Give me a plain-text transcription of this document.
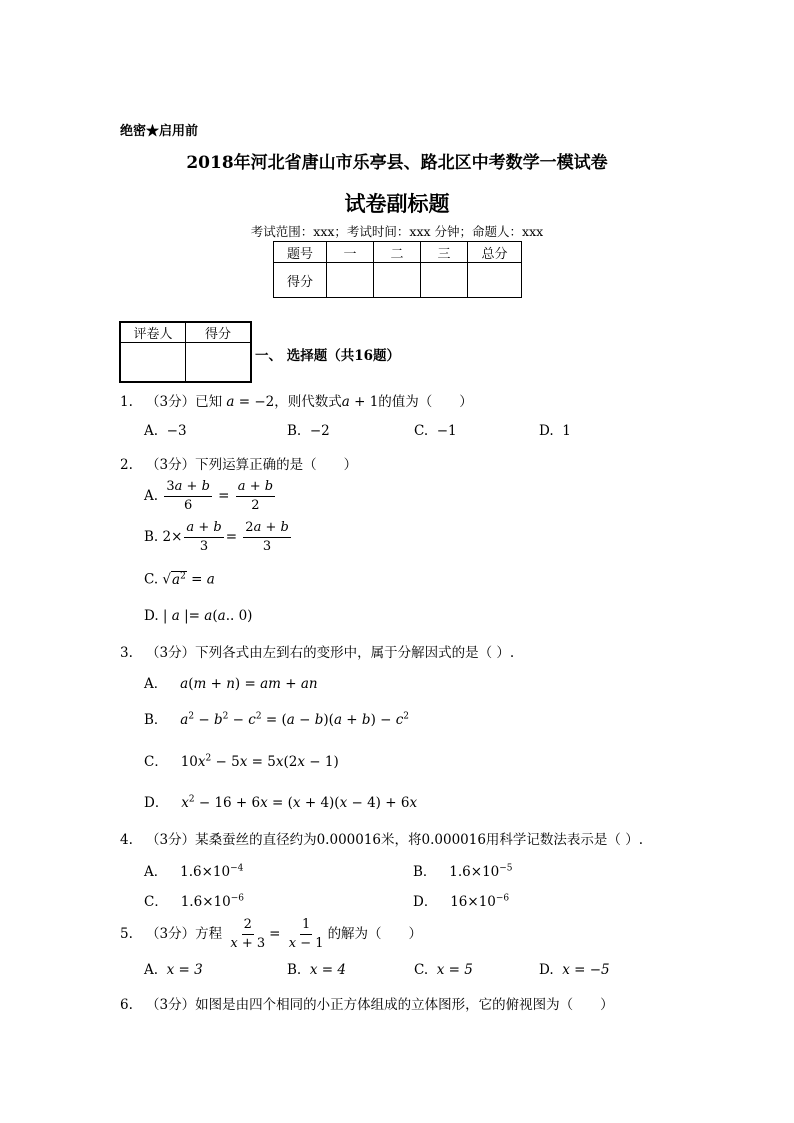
绝密★启用前
2018年河北省唐山市乐亭县、路北区中考数学一模试卷
试卷副标题
考试范围：xxx；考试时间：xxx 分钟；命题人：xxx
题号	一	二	三	总分
得分				
评卷人	得分

一、 选择题（共16题）
1. （3分）已知 a = −2，则代数式a + 1的值为（　　）
A. −3	B. −2	C. −1	D. 1
2. （3分）下列运算正确的是（　　）
A. $\frac{3a + b}{6} = \frac{a + b}{2}$
B. $2\times \frac{a + b}{3} = \frac{2a + b}{3}$
C. $√a^2 = a$
D. | a |= a(a.. 0)
3. （3分）下列各式由左到右的变形中，属于分解因式的是（ ）.
A． a(m + n) = am + an
B． $a^2 - b^2 - c^2 = (a - b)(a + b) - c^2$
C．   $10x^2 - 5x = 5x(2x - 1)$
D． $x^2 - 16 + 6x = (x + 4)(x - 4) + 6x$
4. （3分）某桑蚕丝的直径约为0.000016米，将0.000016用科学记数法表示是（ ）.
A． $1.6\times 10^{-4}$	B． $1.6\times 10^{-5}$
C． $1.6\times 10^{-6}$	D． $16\times 10^{-6}$
5. （3分）方程 $\frac{2}{x + 3} = \frac{1}{x - 1}$ 的解为（　　）
A. x = 3	B. x = 4	C. x = 5	D. x = −5
6. （3分）如图是由四个相同的小正方体组成的立体图形，它的俯视图为（　　）
